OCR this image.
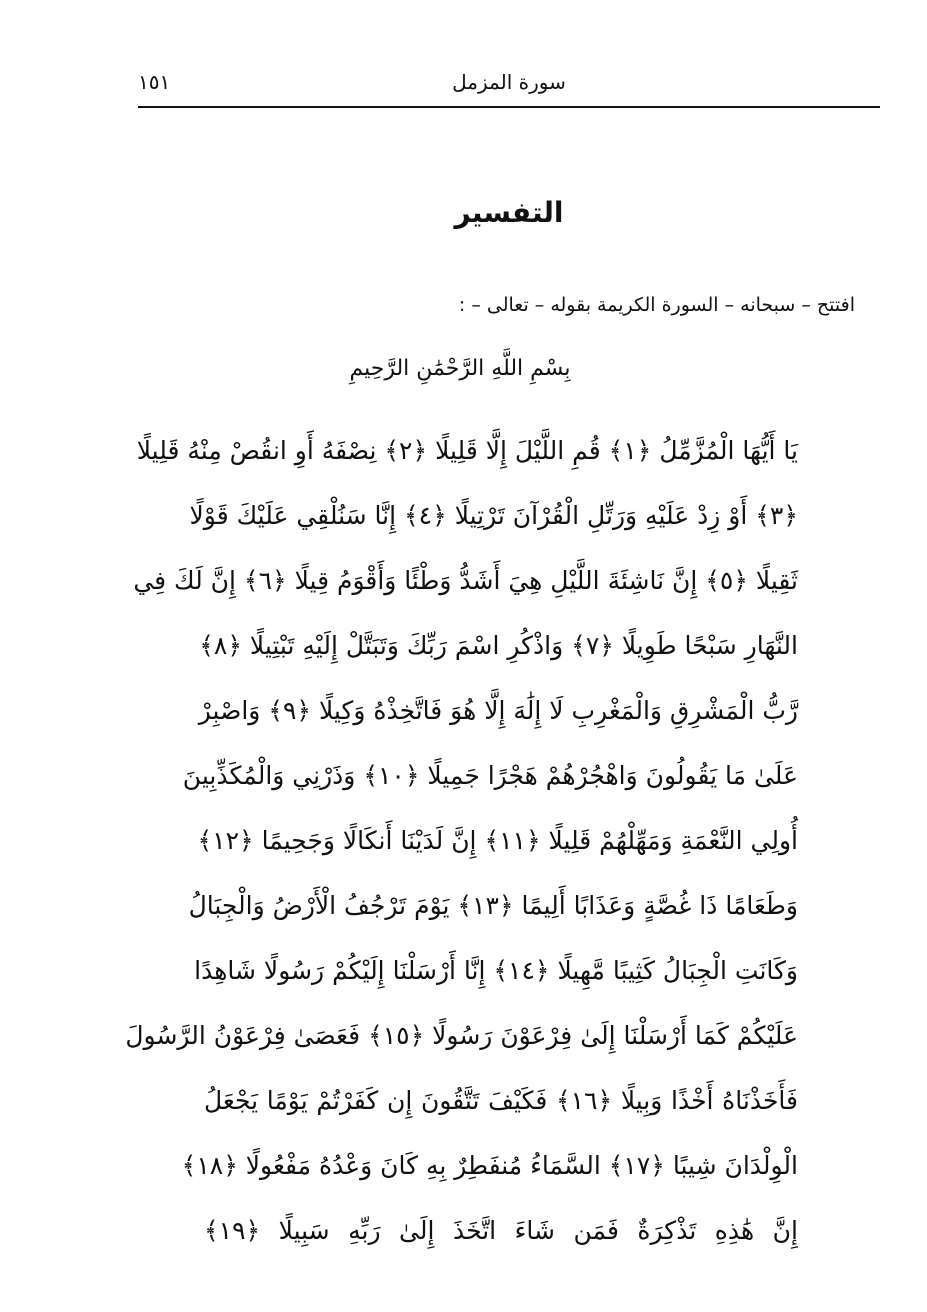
سورة المزمل
١٥١
التفسير
افتتح – سبحانه – السورة الكريمة بقوله – تعالى – :
بِسْمِ اللَّهِ الرَّحْمَٰنِ الرَّحِيمِ
يَا أَيُّهَا الْمُزَّمِّلُ ﴿١﴾ قُمِ اللَّيْلَ إِلَّا قَلِيلًا ﴿٢﴾ نِصْفَهُ أَوِ انقُصْ مِنْهُ قَلِيلًا
﴿٣﴾ أَوْ زِدْ عَلَيْهِ وَرَتِّلِ الْقُرْآنَ تَرْتِيلًا ﴿٤﴾ إِنَّا سَنُلْقِي عَلَيْكَ قَوْلًا
ثَقِيلًا ﴿٥﴾ إِنَّ نَاشِئَةَ اللَّيْلِ هِيَ أَشَدُّ وَطْئًا وَأَقْوَمُ قِيلًا ﴿٦﴾ إِنَّ لَكَ فِي
النَّهَارِ سَبْحًا طَوِيلًا ﴿٧﴾ وَاذْكُرِ اسْمَ رَبِّكَ وَتَبَتَّلْ إِلَيْهِ تَبْتِيلًا ﴿٨﴾
رَّبُّ الْمَشْرِقِ وَالْمَغْرِبِ لَا إِلَٰهَ إِلَّا هُوَ فَاتَّخِذْهُ وَكِيلًا ﴿٩﴾ وَاصْبِرْ
عَلَىٰ مَا يَقُولُونَ وَاهْجُرْهُمْ هَجْرًا جَمِيلًا ﴿١٠﴾ وَذَرْنِي وَالْمُكَذِّبِينَ
أُولِي النَّعْمَةِ وَمَهِّلْهُمْ قَلِيلًا ﴿١١﴾ إِنَّ لَدَيْنَا أَنكَالًا وَجَحِيمًا ﴿١٢﴾
وَطَعَامًا ذَا غُصَّةٍ وَعَذَابًا أَلِيمًا ﴿١٣﴾ يَوْمَ تَرْجُفُ الْأَرْضُ وَالْجِبَالُ
وَكَانَتِ الْجِبَالُ كَثِيبًا مَّهِيلًا ﴿١٤﴾ إِنَّا أَرْسَلْنَا إِلَيْكُمْ رَسُولًا شَاهِدًا
عَلَيْكُمْ كَمَا أَرْسَلْنَا إِلَىٰ فِرْعَوْنَ رَسُولًا ﴿١٥﴾ فَعَصَىٰ فِرْعَوْنُ الرَّسُولَ
فَأَخَذْنَاهُ أَخْذًا وَبِيلًا ﴿١٦﴾ فَكَيْفَ تَتَّقُونَ إِن كَفَرْتُمْ يَوْمًا يَجْعَلُ
الْوِلْدَانَ شِيبًا ﴿١٧﴾ السَّمَاءُ مُنفَطِرٌ بِهِ كَانَ وَعْدُهُ مَفْعُولًا ﴿١٨﴾
إِنَّ هَٰذِهِ تَذْكِرَةٌ فَمَن شَاءَ اتَّخَذَ إِلَىٰ رَبِّهِ سَبِيلًا ﴿١٩﴾
